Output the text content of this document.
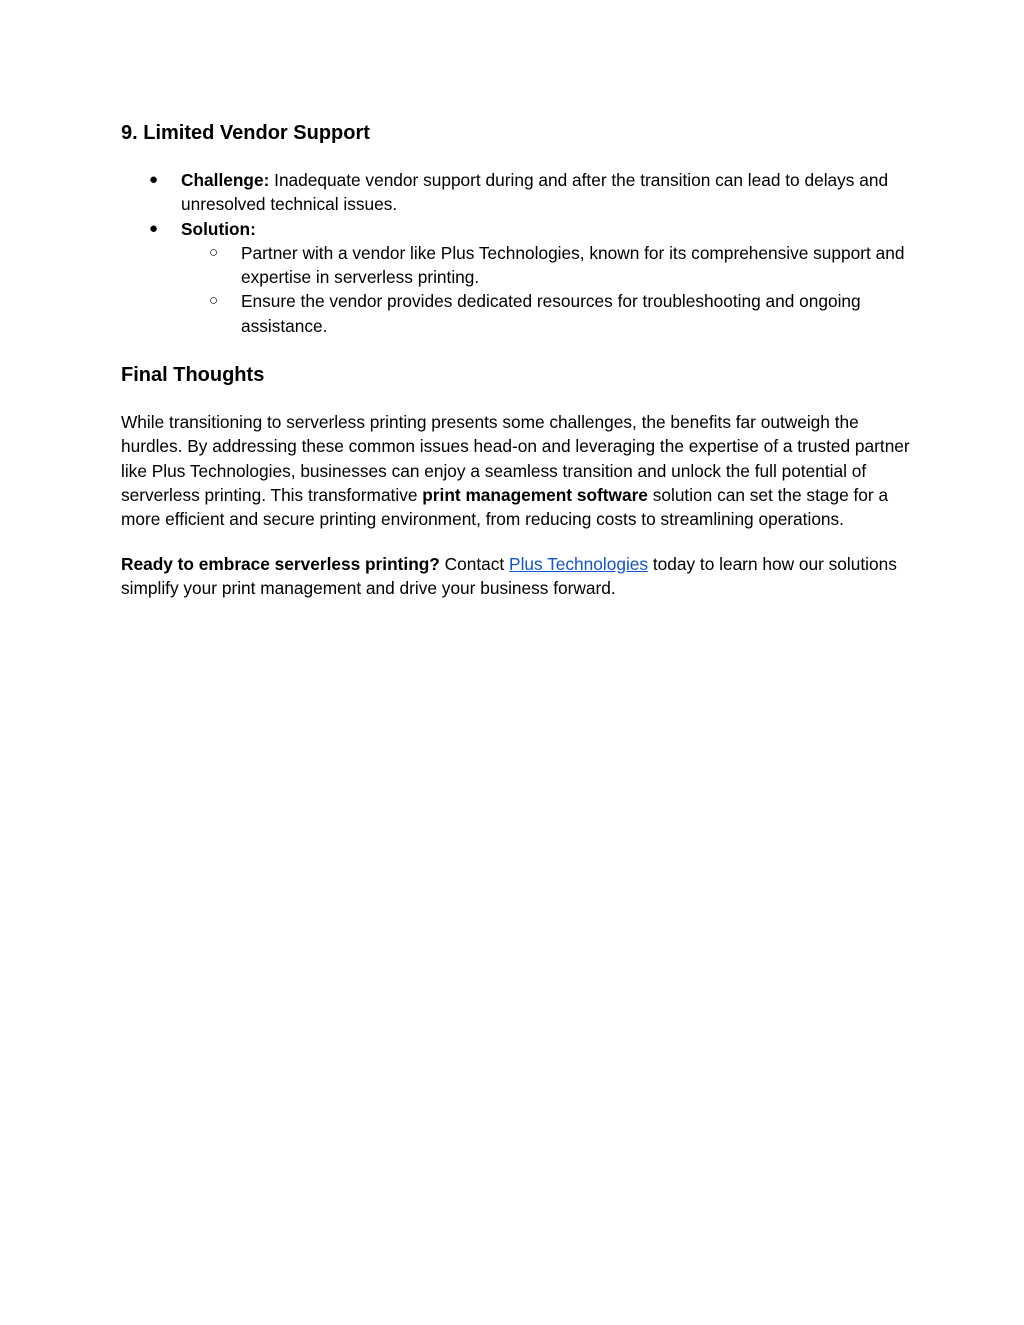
9. Limited Vendor Support
● Challenge: Inadequate vendor support during and after the transition can lead to delays and unresolved technical issues.
● Solution:
○ Partner with a vendor like Plus Technologies, known for its comprehensive support and expertise in serverless printing.
○ Ensure the vendor provides dedicated resources for troubleshooting and ongoing assistance.
Final Thoughts

While transitioning to serverless printing presents some challenges, the benefits far outweigh the hurdles. By addressing these common issues head-on and leveraging the expertise of a trusted partner like Plus Technologies, businesses can enjoy a seamless transition and unlock the full potential of serverless printing. This transformative print management software solution can set the stage for a more efficient and secure printing environment, from reducing costs to streamlining operations.

Ready to embrace serverless printing? Contact Plus Technologies today to learn how our solutions simplify your print management and drive your business forward.
